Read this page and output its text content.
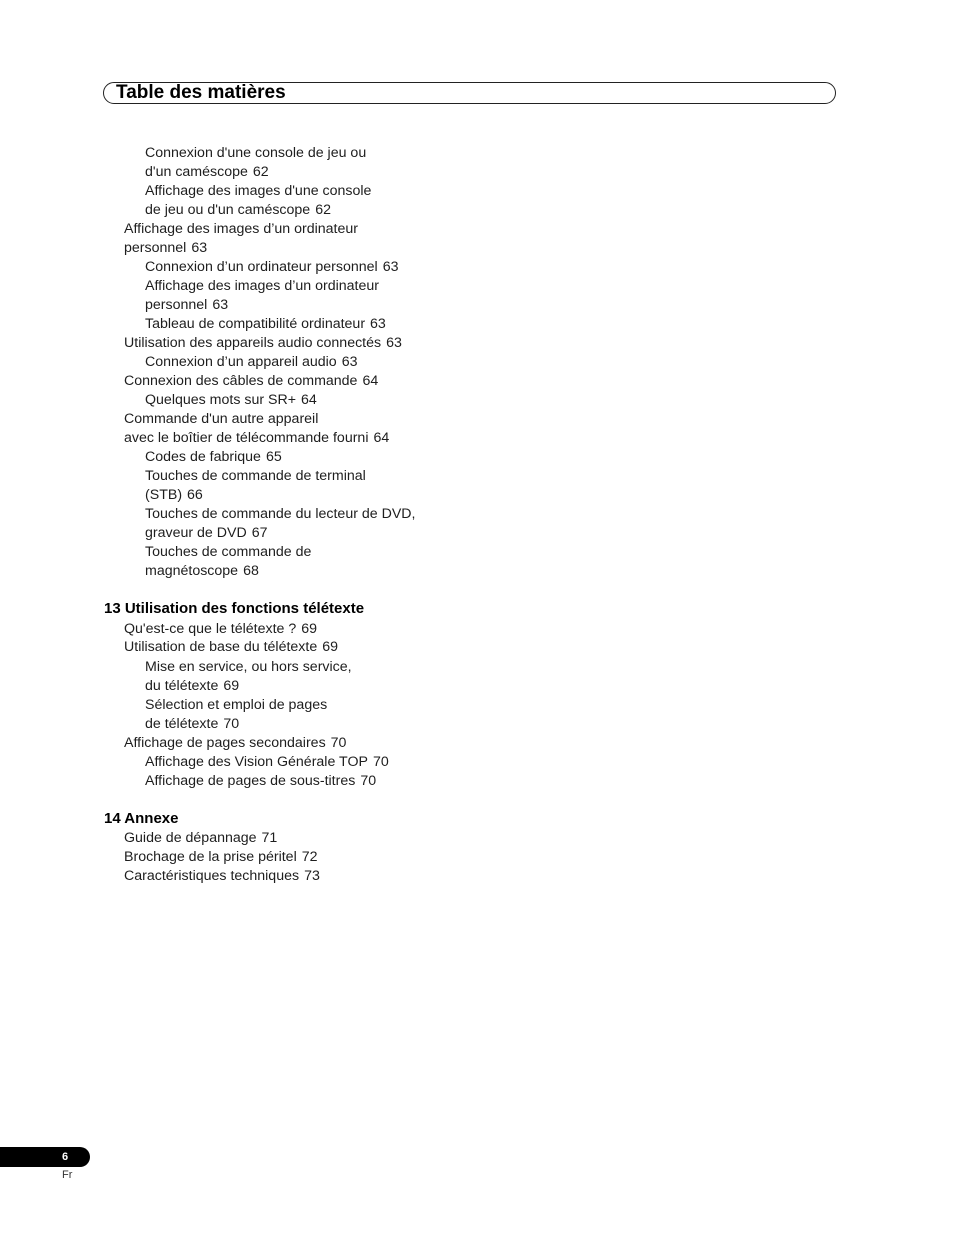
Table des matières
Connexion d'une console de jeu ou
d'un caméscope 62
Affichage des images d'une console
de jeu ou d'un caméscope 62
Affichage des images d’un ordinateur
personnel 63
Connexion d’un ordinateur personnel 63
Affichage des images d’un ordinateur
personnel 63
Tableau de compatibilité ordinateur 63
Utilisation des appareils audio connectés 63
Connexion d’un appareil audio 63
Connexion des câbles de commande 64
Quelques mots sur SR+ 64
Commande d'un autre appareil
avec le boîtier de télécommande fourni 64
Codes de fabrique 65
Touches de commande de terminal
(STB) 66
Touches de commande du lecteur de DVD,
graveur de DVD 67
Touches de commande de
magnétoscope 68
13 Utilisation des fonctions télétexte
Qu'est-ce que le télétexte ? 69
Utilisation de base du télétexte 69
Mise en service, ou hors service,
du télétexte 69
Sélection et emploi de pages
de télétexte 70
Affichage de pages secondaires 70
Affichage des Vision Générale TOP 70
Affichage de pages de sous-titres 70
14 Annexe
Guide de dépannage 71
Brochage de la prise péritel 72
Caractéristiques techniques 73
6
Fr
